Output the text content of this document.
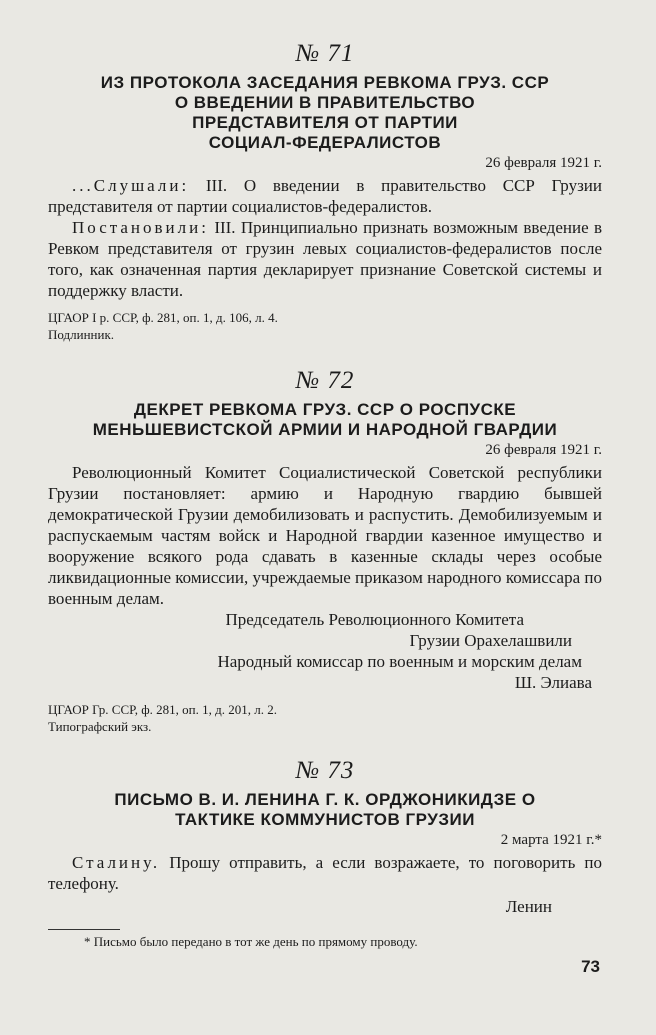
№ 71

ИЗ ПРОТОКОЛА ЗАСЕДАНИЯ РЕВКОМА ГРУЗ. ССР
О ВВЕДЕНИИ В ПРАВИТЕЛЬСТВО
ПРЕДСТАВИТЕЛЯ ОТ ПАРТИИ
СОЦИАЛ-ФЕДЕРАЛИСТОВ

26 февраля 1921 г.

...Слушали: III. О введении в правительство ССР Грузии представителя от партии социалистов-федералистов.

Постановили: III. Принципиально признать возможным введение в Ревком представителя от грузин левых социалистов-федералистов после того, как означенная партия декларирует признание Советской системы и поддержку власти.

ЦГАОР I р. ССР, ф. 281, оп. 1, д. 106, л. 4.

Подлинник.

№ 72

ДЕКРЕТ РЕВКОМА ГРУЗ. ССР О РОСПУСКЕ
МЕНЬШЕВИСТСКОЙ АРМИИ И НАРОДНОЙ ГВАРДИИ

26 февраля 1921 г.

Революционный Комитет Социалистической Советской республики Грузии постановляет: армию и Народную гвардию бывшей демократической Грузии демобилизовать и распустить. Демобилизуемым и распускаемым частям войск и Народной гвардии казенное имущество и вооружение всякого рода сдавать в казенные склады через особые ликвидационные комиссии, учреждаемые приказом народного комиссара по военным делам.

Председатель Революционного Комитета

Грузии Орахелашвили

Народный комиссар по военным и морским делам

Ш. Элиава

ЦГАОР Гр. ССР, ф. 281, оп. 1, д. 201, л. 2.

Типографский экз.

№ 73

ПИСЬМО В. И. ЛЕНИНА Г. К. ОРДЖОНИКИДЗЕ О
ТАКТИКЕ КОММУНИСТОВ ГРУЗИИ

2 марта 1921 г.*

Сталину. Прошу отправить, а если возражаете, то поговорить по телефону.

Ленин

* Письмо было передано в тот же день по прямому проводу.

73
